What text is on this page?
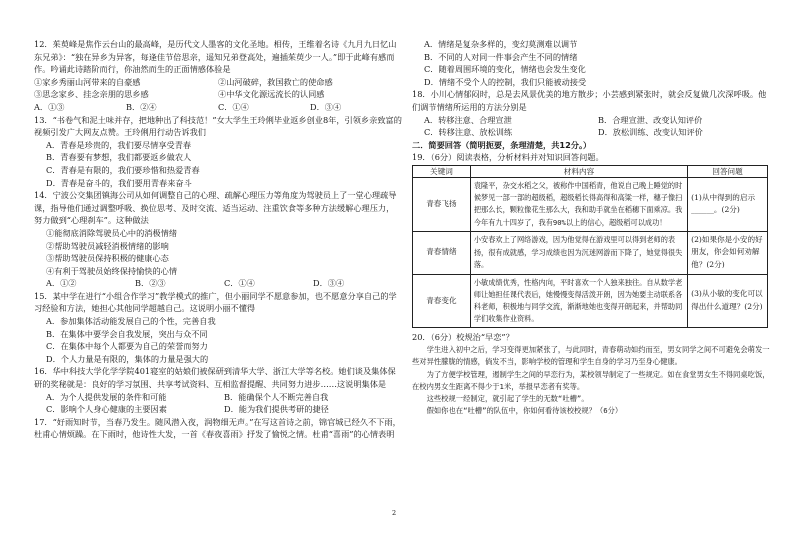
12．茱萸峰是焦作云台山的最高峰，是历代文人墨客的文化圣地。相传，王维着名诗《九月九日忆山东兄弟》：“独在异乡为异客，每逢佳节倍思亲，遥知兄弟登高处，遍插茱萸少一人。”即于此峰有感而作。吟诵此诗踏阶而行，你油然而生的正面情感体验是
①家乡秀丽山河带来的自豪感	②山河破碎，救国救亡的使命感
③思念家乡、挂念亲朋的思乡感	④中华文化源远流长的认同感
A．①③	B．②④	C．①④	D．③④
13．“书卷气和泥土味并存，把地种出了科技范！”女大学生王玲俐毕业返乡创业8年，引领乡亲致富的视频引发广大网友点赞。王玲俐用行动告诉我们
A．青春是珍贵的，我们要尽情享受青春
B．青春要有梦想，我们都要返乡做农人
C．青春是有限的，我们要珍惜和热爱青春
D．青春是奋斗的，我们要用青春来奋斗
14．宁波公交集团镇海公司从如何调整自己的心理、疏解心理压力等角度为驾驶员上了一堂心理疏导课，指导他们通过调整呼吸、换位思考、及时交流、适当运动、注重饮食等多种方法缓解心理压力，努力做到“心理刹车”。这种做法
①能彻底消除驾驶员心中的消极情绪
②帮助驾驶员减轻消极情绪的影响
③帮助驾驶员保持积极的健康心态
④有利于驾驶员始终保持愉快的心情
A．①②	B．②③	C．①④	D．③④
15．某中学在进行“小组合作学习”教学模式的推广，但小丽同学不愿意参加，也不愿意分享自己的学习经验和方法，她担心其他同学超越自己。这说明小丽不懂得
A．参加集体活动能发展自己的个性，完善自我
B．在集体中要学会自我发展，突出与众不同
C．在集体中每个人都要为自己的荣誉而努力
D．个人力量是有限的，集体的力量是强大的
16．华中科技大学化学学院401寝室的姑娘们被保研到清华大学、浙江大学等名校。她们谈及集体保研的奖秘就是：良好的学习氛围、共享考试资料、互相监督提醒、共同努力进步……这说明集体是
A．为个人提供发展的条件和可能	B．能确保个人不断完善自我
C．影响个人身心健康的主要因素	D．能为我们提供考研的捷径
17．“好雨知时节，当春乃发生。随风潜入夜，润物细无声。”在写这首诗之前，锦官城已经久不下雨，杜甫心情烦躁。在下雨时，他诗性大发，一首《春夜喜雨》抒发了愉悦之情。杜甫“喜雨”的心情表明
A．情绪是复杂多样的，变幻莫测难以调节
B．不同的人对同一件事会产生不同的情绪
C．随着周围环境的变化，情绪也会发生变化
D．情绪不受个人的控制，我们只能被动接受
18．小川心情郁闷时，总是去风景优美的地方散步；小芸感到紧张时，就会反复做几次深呼吸。他们调节情绪所运用的方法分别是
A．转移注意、合理宣泄	B．合理宣泄、改变认知评价
C．转移注意、放松训练	D．放松训练、改变认知评价
二．简要回答（简明扼要，条理清楚，共12分。）
19．（6分）阅读表格，分析材料并对知识回答问题。
关键词	材料内容	回答问题
青春飞扬	袁隆平，杂交水稻之父，被称作中国稻青，他说自己晚上睡觉的时候梦见一部一部的超级稻，超级稻长得高得和高粱一样，穗子像扫把那么长，颗粒像花生那么大，我和助手就坐在稻穗下面乘凉。我今年有九十四岁了，我有90%以上的信心，超级稻可以成功！	(1)从中得到的启示______。(2分)
青春情绪	小安春欢上了网络游戏，因为他觉得在游戏里可以得到老师的表扬，很有成就感，学习成绩也因为沉迷网游而下降了，她觉得很失落。	(2)如果你是小安的好朋友，你会如何劝解他？(2分)
青春变化	小敏成绩优秀，性格内向，平时喜欢一个人独来独往。自从数学老师让她担任课代表后，她慢慢变得活泼开朗，因为她要主动联系各科老师，积极地与同学交流，渐渐地她也变得开朗起来，并帮助同学们收集作业资料。	(3)从小敏的变化可以得出什么道理？(2分)
20．（6分）校规治“早恋”？
学生进入初中之后，学习变得更加紧张了，与此同时，青春萌动如约而至，男女同学之间不可避免会萌发一些对异性朦胧的情感，倘发不当，影响学校的管理和学生自身的学习乃至身心健康。
为了方便学校管理，遏制学生之间的早恋行为，某校领导制定了一些规定。如在食堂男女生不得同桌吃饭，在校内男女生距离不得少于1米，举报早恋者有奖等。
这些校规一经制定，就引起了学生的无数“吐槽”。
假如你也在“吐槽”的队伍中，你如何看待该校校规？（6分）
2
